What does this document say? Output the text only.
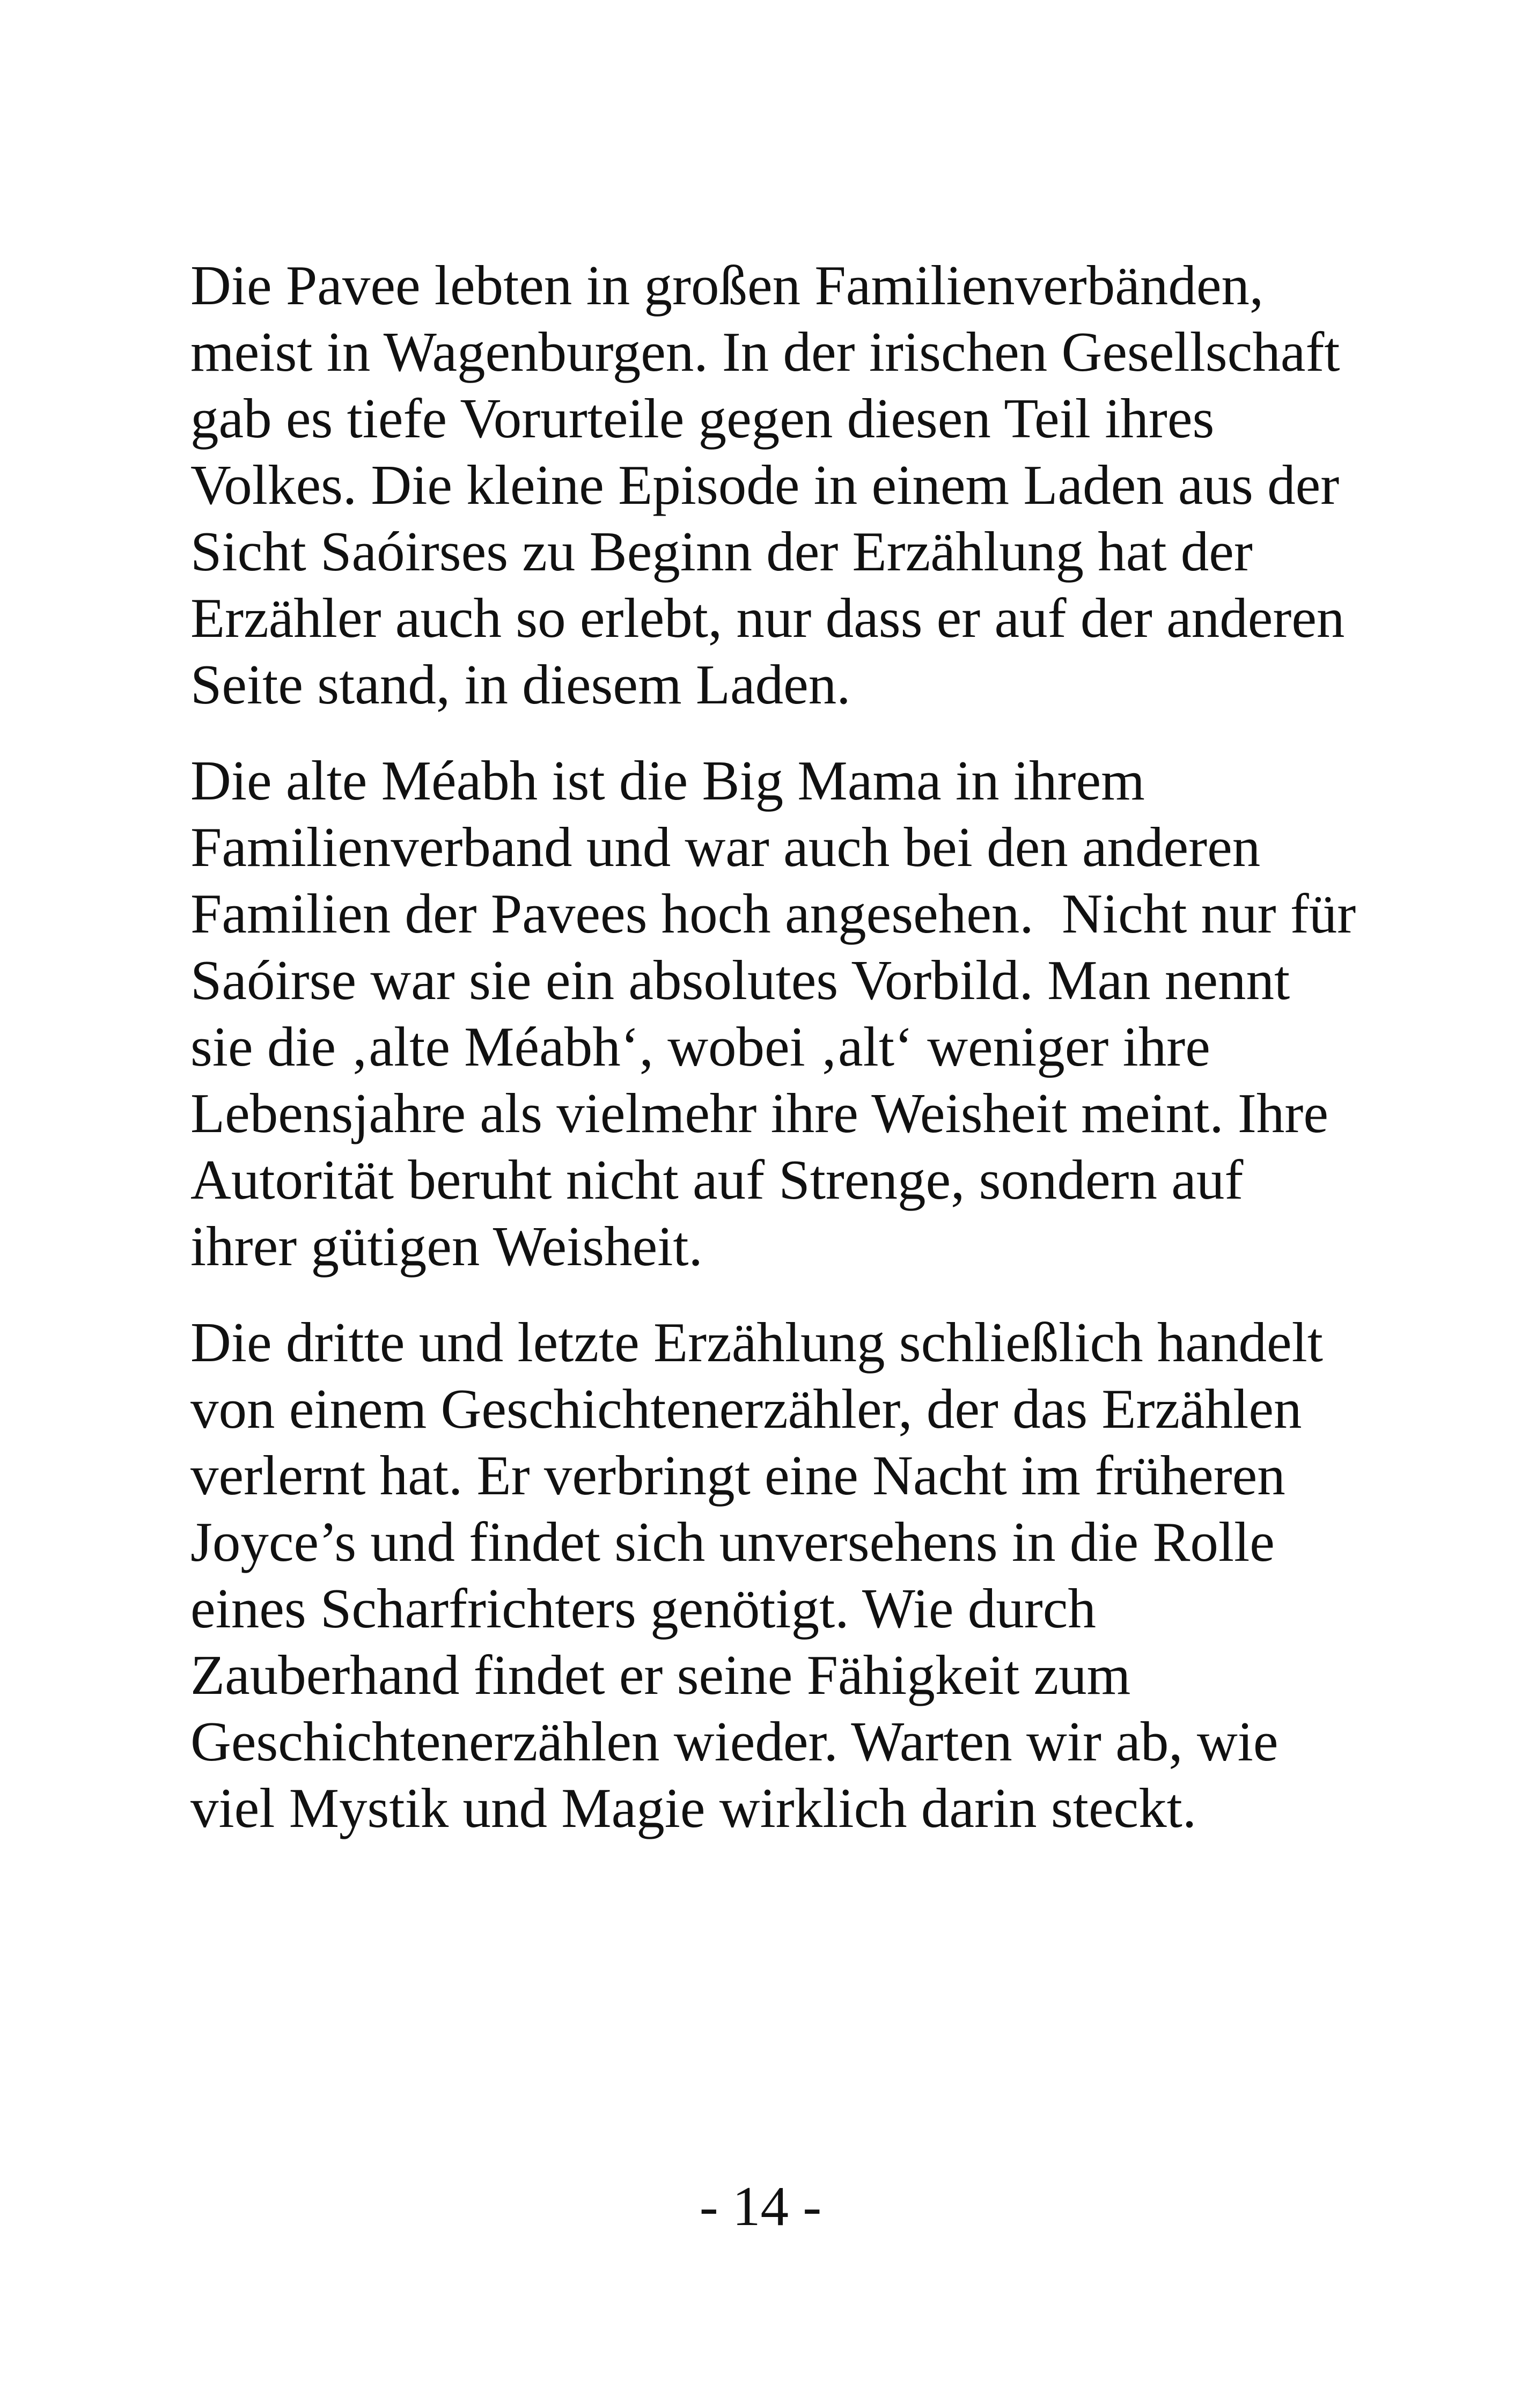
Die Pavee lebten in großen Familienverbänden,
meist in Wagenburgen. In der irischen Gesellschaft
gab es tiefe Vorurteile gegen diesen Teil ihres
Volkes. Die kleine Episode in einem Laden aus der
Sicht Saóirses zu Beginn der Erzählung hat der
Erzähler auch so erlebt, nur dass er auf der anderen
Seite stand, in diesem Laden.

Die alte Méabh ist die Big Mama in ihrem
Familienverband und war auch bei den anderen
Familien der Pavees hoch angesehen.  Nicht nur für
Saóirse war sie ein absolutes Vorbild. Man nennt
sie die ‚alte Méabh‘, wobei ‚alt‘ weniger ihre
Lebensjahre als vielmehr ihre Weisheit meint. Ihre
Autorität beruht nicht auf Strenge, sondern auf
ihrer gütigen Weisheit.

Die dritte und letzte Erzählung schließlich handelt
von einem Geschichtenerzähler, der das Erzählen
verlernt hat. Er verbringt eine Nacht im früheren
Joyce’s und findet sich unversehens in die Rolle
eines Scharfrichters genötigt. Wie durch
Zauberhand findet er seine Fähigkeit zum
Geschichtenerzählen wieder. Warten wir ab, wie
viel Mystik und Magie wirklich darin steckt.

- 14 -
